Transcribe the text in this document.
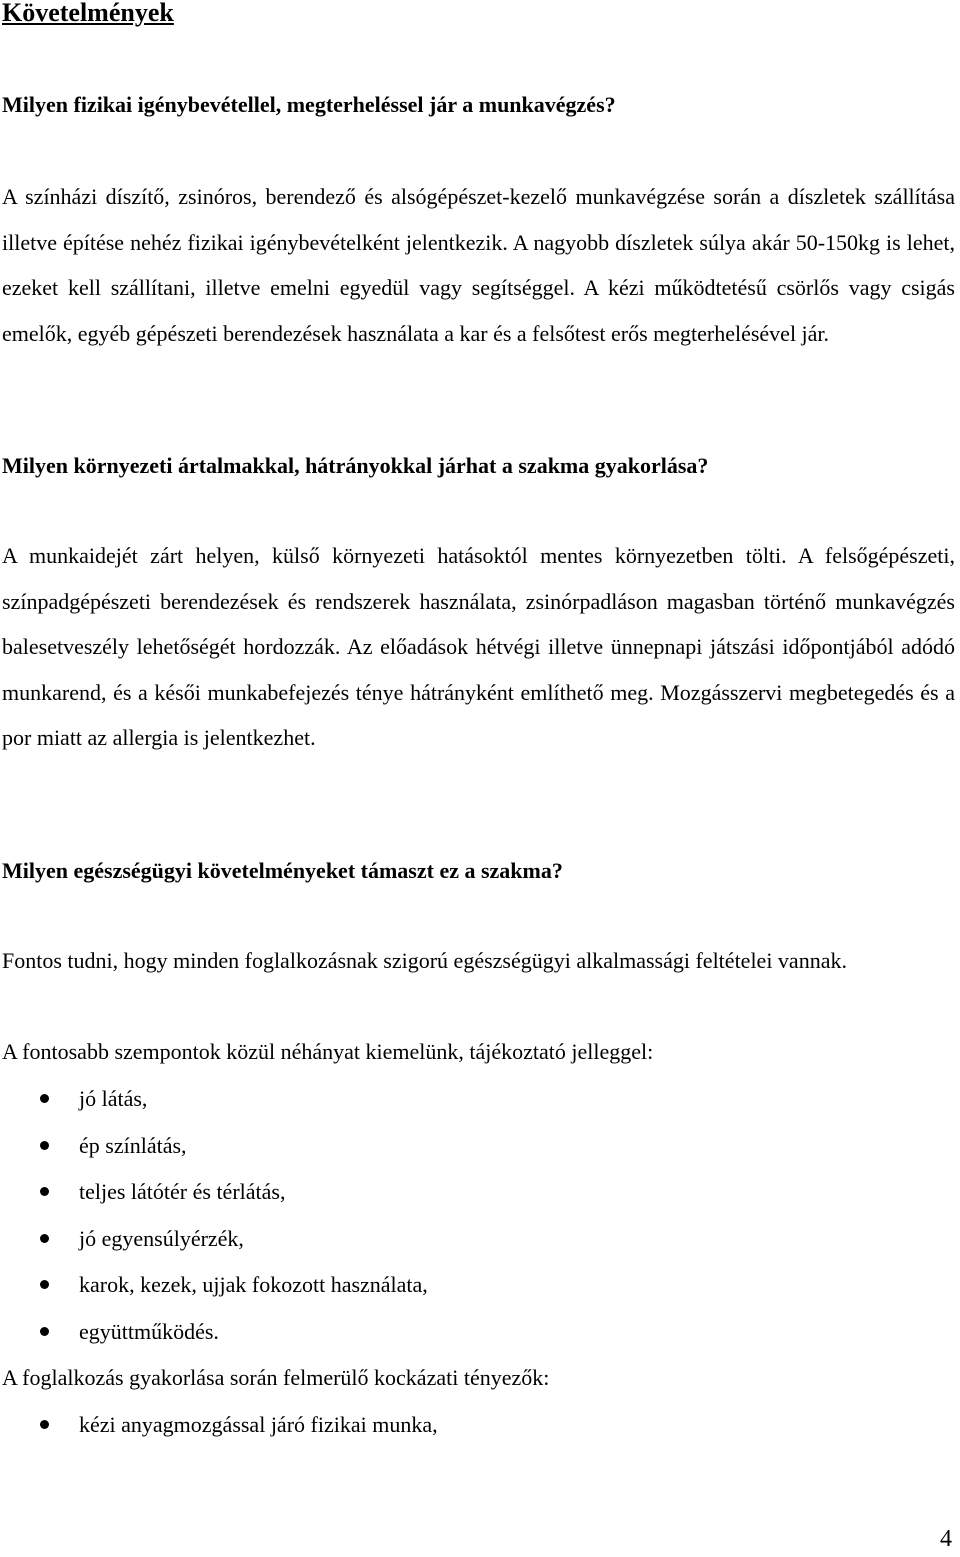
Követelmények

Milyen fizikai igénybevétellel, megterheléssel jár a munkavégzés?

A színházi díszítő, zsinóros, berendező és alsógépészet-kezelő munkavégzése során a díszletek szállítása illetve építése nehéz fizikai igénybevételként jelentkezik. A nagyobb díszletek súlya akár 50-150kg is lehet, ezeket kell szállítani, illetve emelni egyedül vagy segítséggel. A kézi működtetésű csörlős vagy csigás emelők, egyéb gépészeti berendezések használata a kar és a felsőtest erős megterhelésével jár.

Milyen környezeti ártalmakkal, hátrányokkal járhat a szakma gyakorlása?

A munkaidejét zárt helyen, külső környezeti hatásoktól mentes környezetben tölti. A felsőgépészeti, színpadgépészeti berendezések és rendszerek használata, zsinórpadláson magasban történő munkavégzés balesetveszély lehetőségét hordozzák. Az előadások hétvégi illetve ünnepnapi játszási időpontjából adódó munkarend, és a késői munkabefejezés ténye hátrányként említhető meg. Mozgásszervi megbetegedés és a por miatt az allergia is jelentkezhet.

Milyen egészségügyi követelményeket támaszt ez a szakma?

Fontos tudni, hogy minden foglalkozásnak szigorú egészségügyi alkalmassági feltételei vannak.

A fontosabb szempontok közül néhányat kiemelünk, tájékoztató jelleggel:

jó látás,
ép színlátás,
teljes látótér és térlátás,
jó egyensúlyérzék,
karok, kezek, ujjak fokozott használata,
együttműködés.

A foglalkozás gyakorlása során felmerülő kockázati tényezők:

kézi anyagmozgással járó fizikai munka,
4
